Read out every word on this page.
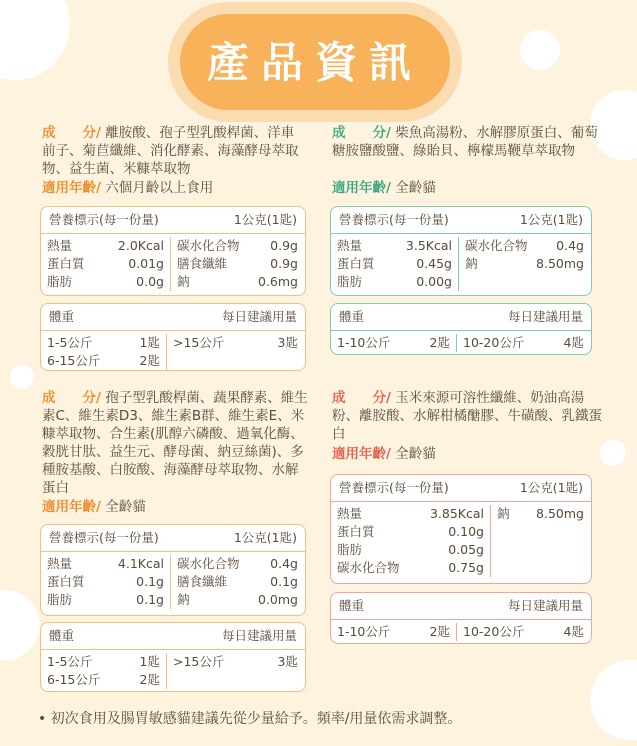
產品資訊
成　　分/ 離胺酸、孢子型乳酸桿菌、洋車前子、菊苣纖維、消化酵素、海藻酵母萃取物、益生菌、米糠萃取物
適用年齡/ 六個月齡以上食用
營養標示(每一份量)	1公克(1匙)
熱量	2.0Kcal 碳水化合物 0.9g
蛋白質	0.01g 膳食纖維	0.9g
脂肪	0.0g 鈉	0.6mg
體重	每日建議用量
1-5公斤	1匙 >15公斤	3匙
6-15公斤	2匙
成　　分/ 柴魚高湯粉、水解膠原蛋白、葡萄糖胺鹽酸鹽、綠貽貝、檸檬馬鞭草萃取物
適用年齡/ 全齡貓
營養標示(每一份量)	1公克(1匙)
熱量	3.5Kcal 碳水化合物 0.4g
蛋白質	0.45g 鈉	8.50mg
脂肪	0.00g
體重	每日建議用量
1-10公斤	2匙 10-20公斤	4匙
成　　分/ 孢子型乳酸桿菌、蔬果酵素、維生素C、維生素D3、維生素B群、維生素E、米糠萃取物、合生素(肌醇六磷酸、過氧化酶、穀胱甘肽、益生元、酵母菌、納豆絲菌)、多種胺基酸、白胺酸、海藻酵母萃取物、水解蛋白
適用年齡/ 全齡貓
營養標示(每一份量)	1公克(1匙)
熱量	4.1Kcal 碳水化合物 0.4g
蛋白質	0.1g 膳食纖維	0.1g
脂肪	0.1g 鈉	0.0mg
體重	每日建議用量
1-5公斤	1匙 >15公斤	3匙
6-15公斤	2匙
成　　分/ 玉米來源可溶性纖維、奶油高湯粉、離胺酸、水解柑橘醣膠、牛磺酸、乳鐵蛋白
適用年齡/ 全齡貓
營養標示(每一份量)	1公克(1匙)
熱量	3.85Kcal 鈉 8.50mg
蛋白質	0.10g
脂肪	0.05g
碳水化合物	0.75g
體重	每日建議用量
1-10公斤	2匙 10-20公斤	4匙
• 初次食用及腸胃敏感貓建議先從少量給予。頻率/用量依需求調整。
